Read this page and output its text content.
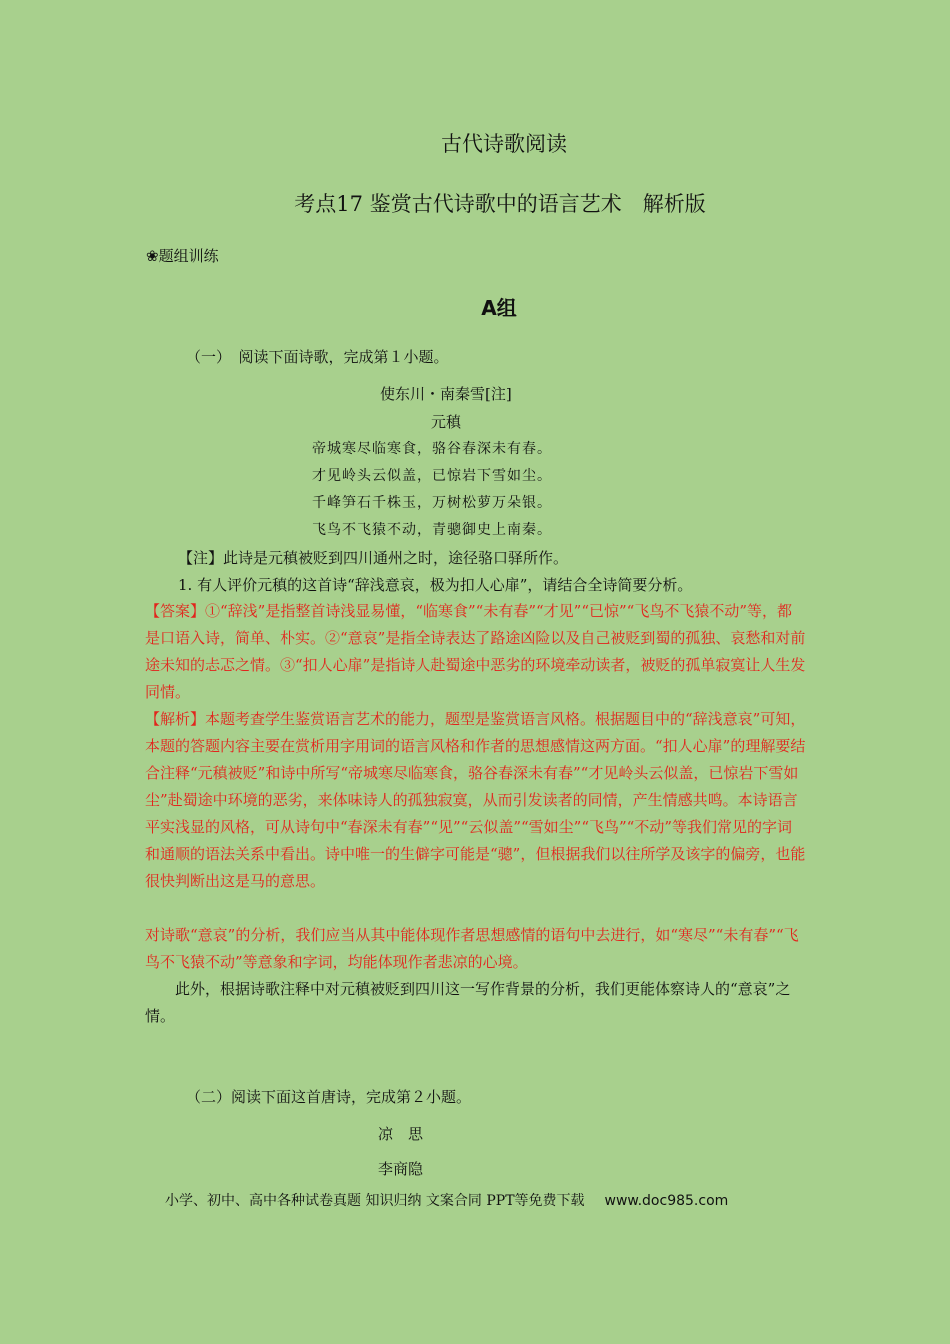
古代诗歌阅读
考点17 鉴赏古代诗歌中的语言艺术　解析版
❀题组训练
A组
（一）　阅读下面诗歌，完成第１小题。
使东川・南秦雪[注]
元稹
帝城寒尽临寒食，骆谷春深未有春。
才见岭头云似盖，已惊岩下雪如尘。
千峰笋石千株玉，万树松萝万朵银。
飞鸟不飞猿不动，青骢御史上南秦。
【注】此诗是元稹被贬到四川通州之时，途径骆口驿所作。
1. 有人评价元稹的这首诗“辞浅意哀，极为扣人心扉”，请结合全诗简要分析。
【答案】①“辞浅”是指整首诗浅显易懂，“临寒食”“未有春”“才见”“已惊”“飞鸟不飞猿不动”等，都是口语入诗，简单、朴实。②“意哀”是指全诗表达了路途凶险以及自己被贬到蜀的孤独、哀愁和对前途未知的忐忑之情。③“扣人心扉”是指诗人赴蜀途中恶劣的环境牵动读者，被贬的孤单寂寞让人生发同情。
【解析】本题考查学生鉴赏语言艺术的能力，题型是鉴赏语言风格。根据题目中的“辞浅意哀”可知，本题的答题内容主要在赏析用字用词的语言风格和作者的思想感情这两方面。“扣人心扉”的理解要结合注释“元稹被贬”和诗中所写“帝城寒尽临寒食，骆谷春深未有春”“才见岭头云似盖，已惊岩下雪如尘”赴蜀途中环境的恶劣，来体味诗人的孤独寂寞，从而引发读者的同情，产生情感共鸣。本诗语言平实浅显的风格，可从诗句中“春深未有春”“见”“云似盖”“雪如尘”“飞鸟”“不动”等我们常见的字词和通顺的语法关系中看出。诗中唯一的生僻字可能是“骢”，但根据我们以往所学及该字的偏旁，也能很快判断出这是马的意思。
对诗歌“意哀”的分析，我们应当从其中能体现作者思想感情的语句中去进行，如“寒尽”“未有春”“飞鸟不飞猿不动”等意象和字词，均能体现作者悲凉的心境。
此外，根据诗歌注释中对元稹被贬到四川这一写作背景的分析，我们更能体察诗人的“意哀”之情。
（二）阅读下面这首唐诗，完成第２小题。
凉　思
李商隐
小学、初中、高中各种试卷真题 知识归纳 文案合同 PPT等免费下载 www.doc985.com
